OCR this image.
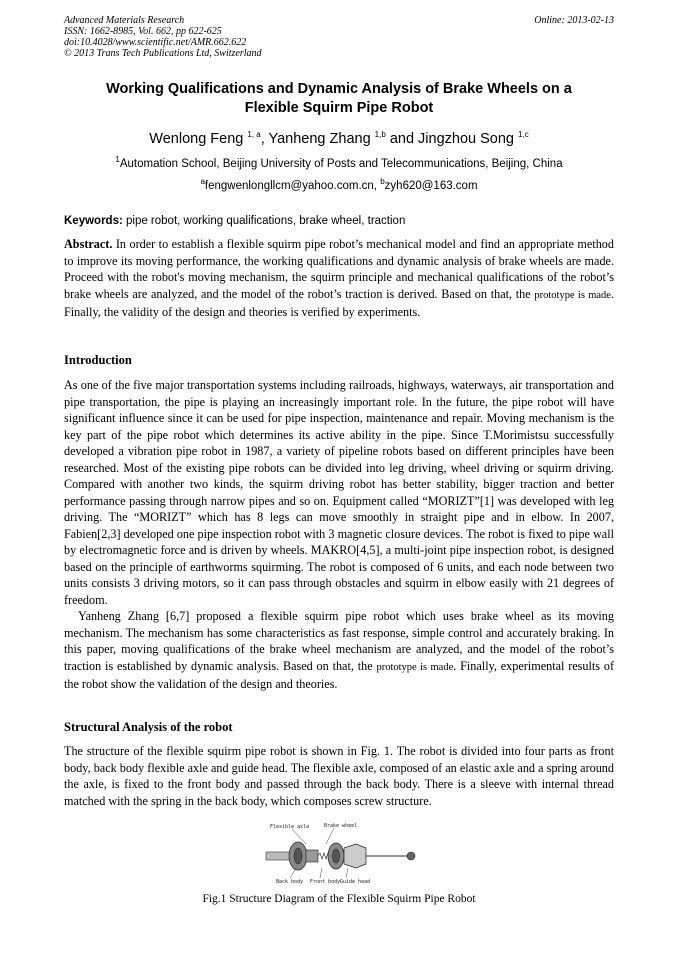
Advanced Materials Research
ISSN: 1662-8985, Vol. 662, pp 622-625
doi:10.4028/www.scientific.net/AMR.662.622
© 2013 Trans Tech Publications Ltd, Switzerland
Online: 2013-02-13
Working Qualifications and Dynamic Analysis of Brake Wheels on a
Flexible Squirm Pipe Robot
Wenlong Feng $^{1, a}$, Yanheng Zhang $^{1,b}$ and Jingzhou Song $^{1,c}$
$^1$Automation School, Beijing University of Posts and Telecommunications, Beijing, China
$^a$fengwenlongllcm@yahoo.com.cn, $^b$zyh620@163.com
Keywords: pipe robot, working qualifications, brake wheel, traction
Abstract. In order to establish a flexible squirm pipe robot’s mechanical model and find an appropriate method to improve its moving performance, the working qualifications and dynamic analysis of brake wheels are made. Proceed with the robot's moving mechanism, the squirm principle and mechanical qualifications of the robot’s brake wheels are analyzed, and the model of the robot’s traction is derived. Based on that, the prototype is made. Finally, the validity of the design and theories is verified by experiments.
Introduction

As one of the five major transportation systems including railroads, highways, waterways, air transportation and pipe transportation, the pipe is playing an increasingly important role. In the future, the pipe robot will have significant influence since it can be used for pipe inspection, maintenance and repair. Moving mechanism is the key part of the pipe robot which determines its active ability in the pipe. Since T.Morimistsu successfully developed a vibration pipe robot in 1987, a variety of pipeline robots based on different principles have been researched. Most of the existing pipe robots can be divided into leg driving, wheel driving or squirm driving. Compared with another two kinds, the squirm driving robot has better stability, bigger traction and better performance passing through narrow pipes and so on. Equipment called “MORIZT”[1] was developed with leg driving. The “MORIZT” which has 8 legs can move smoothly in straight pipe and in elbow. In 2007, Fabien[2,3] developed one pipe inspection robot with 3 magnetic closure devices. The robot is fixed to pipe wall by electromagnetic force and is driven by wheels. MAKRO[4,5], a multi-joint pipe inspection robot, is designed based on the principle of earthworms squirming. The robot is composed of 6 units, and each node between two units consists 3 driving motors, so it can pass through obstacles and squirm in elbow easily with 21 degrees of freedom.

Yanheng Zhang [6,7] proposed a flexible squirm pipe robot which uses brake wheel as its moving mechanism. The mechanism has some characteristics as fast response, simple control and accurately braking. In this paper, moving qualifications of the brake wheel mechanism are analyzed, and the model of the robot’s traction is established by dynamic analysis. Based on that, the prototype is made. Finally, experimental results of the robot show the validation of the design and theories.

Structural Analysis of the robot
The structure of the flexible squirm pipe robot is shown in Fig. 1. The robot is divided into four parts as front body, back body flexible axle and guide head. The flexible axle, composed of an elastic axle and a spring around the axle, is fixed to the front body and passed through the back body. There is a sleeve with internal thread matched with the spring in the back body, which composes screw structure.
Flexible axle	Brake wheel
Back body Front body Guide head
Fig.1 Structure Diagram of the Flexible Squirm Pipe Robot
